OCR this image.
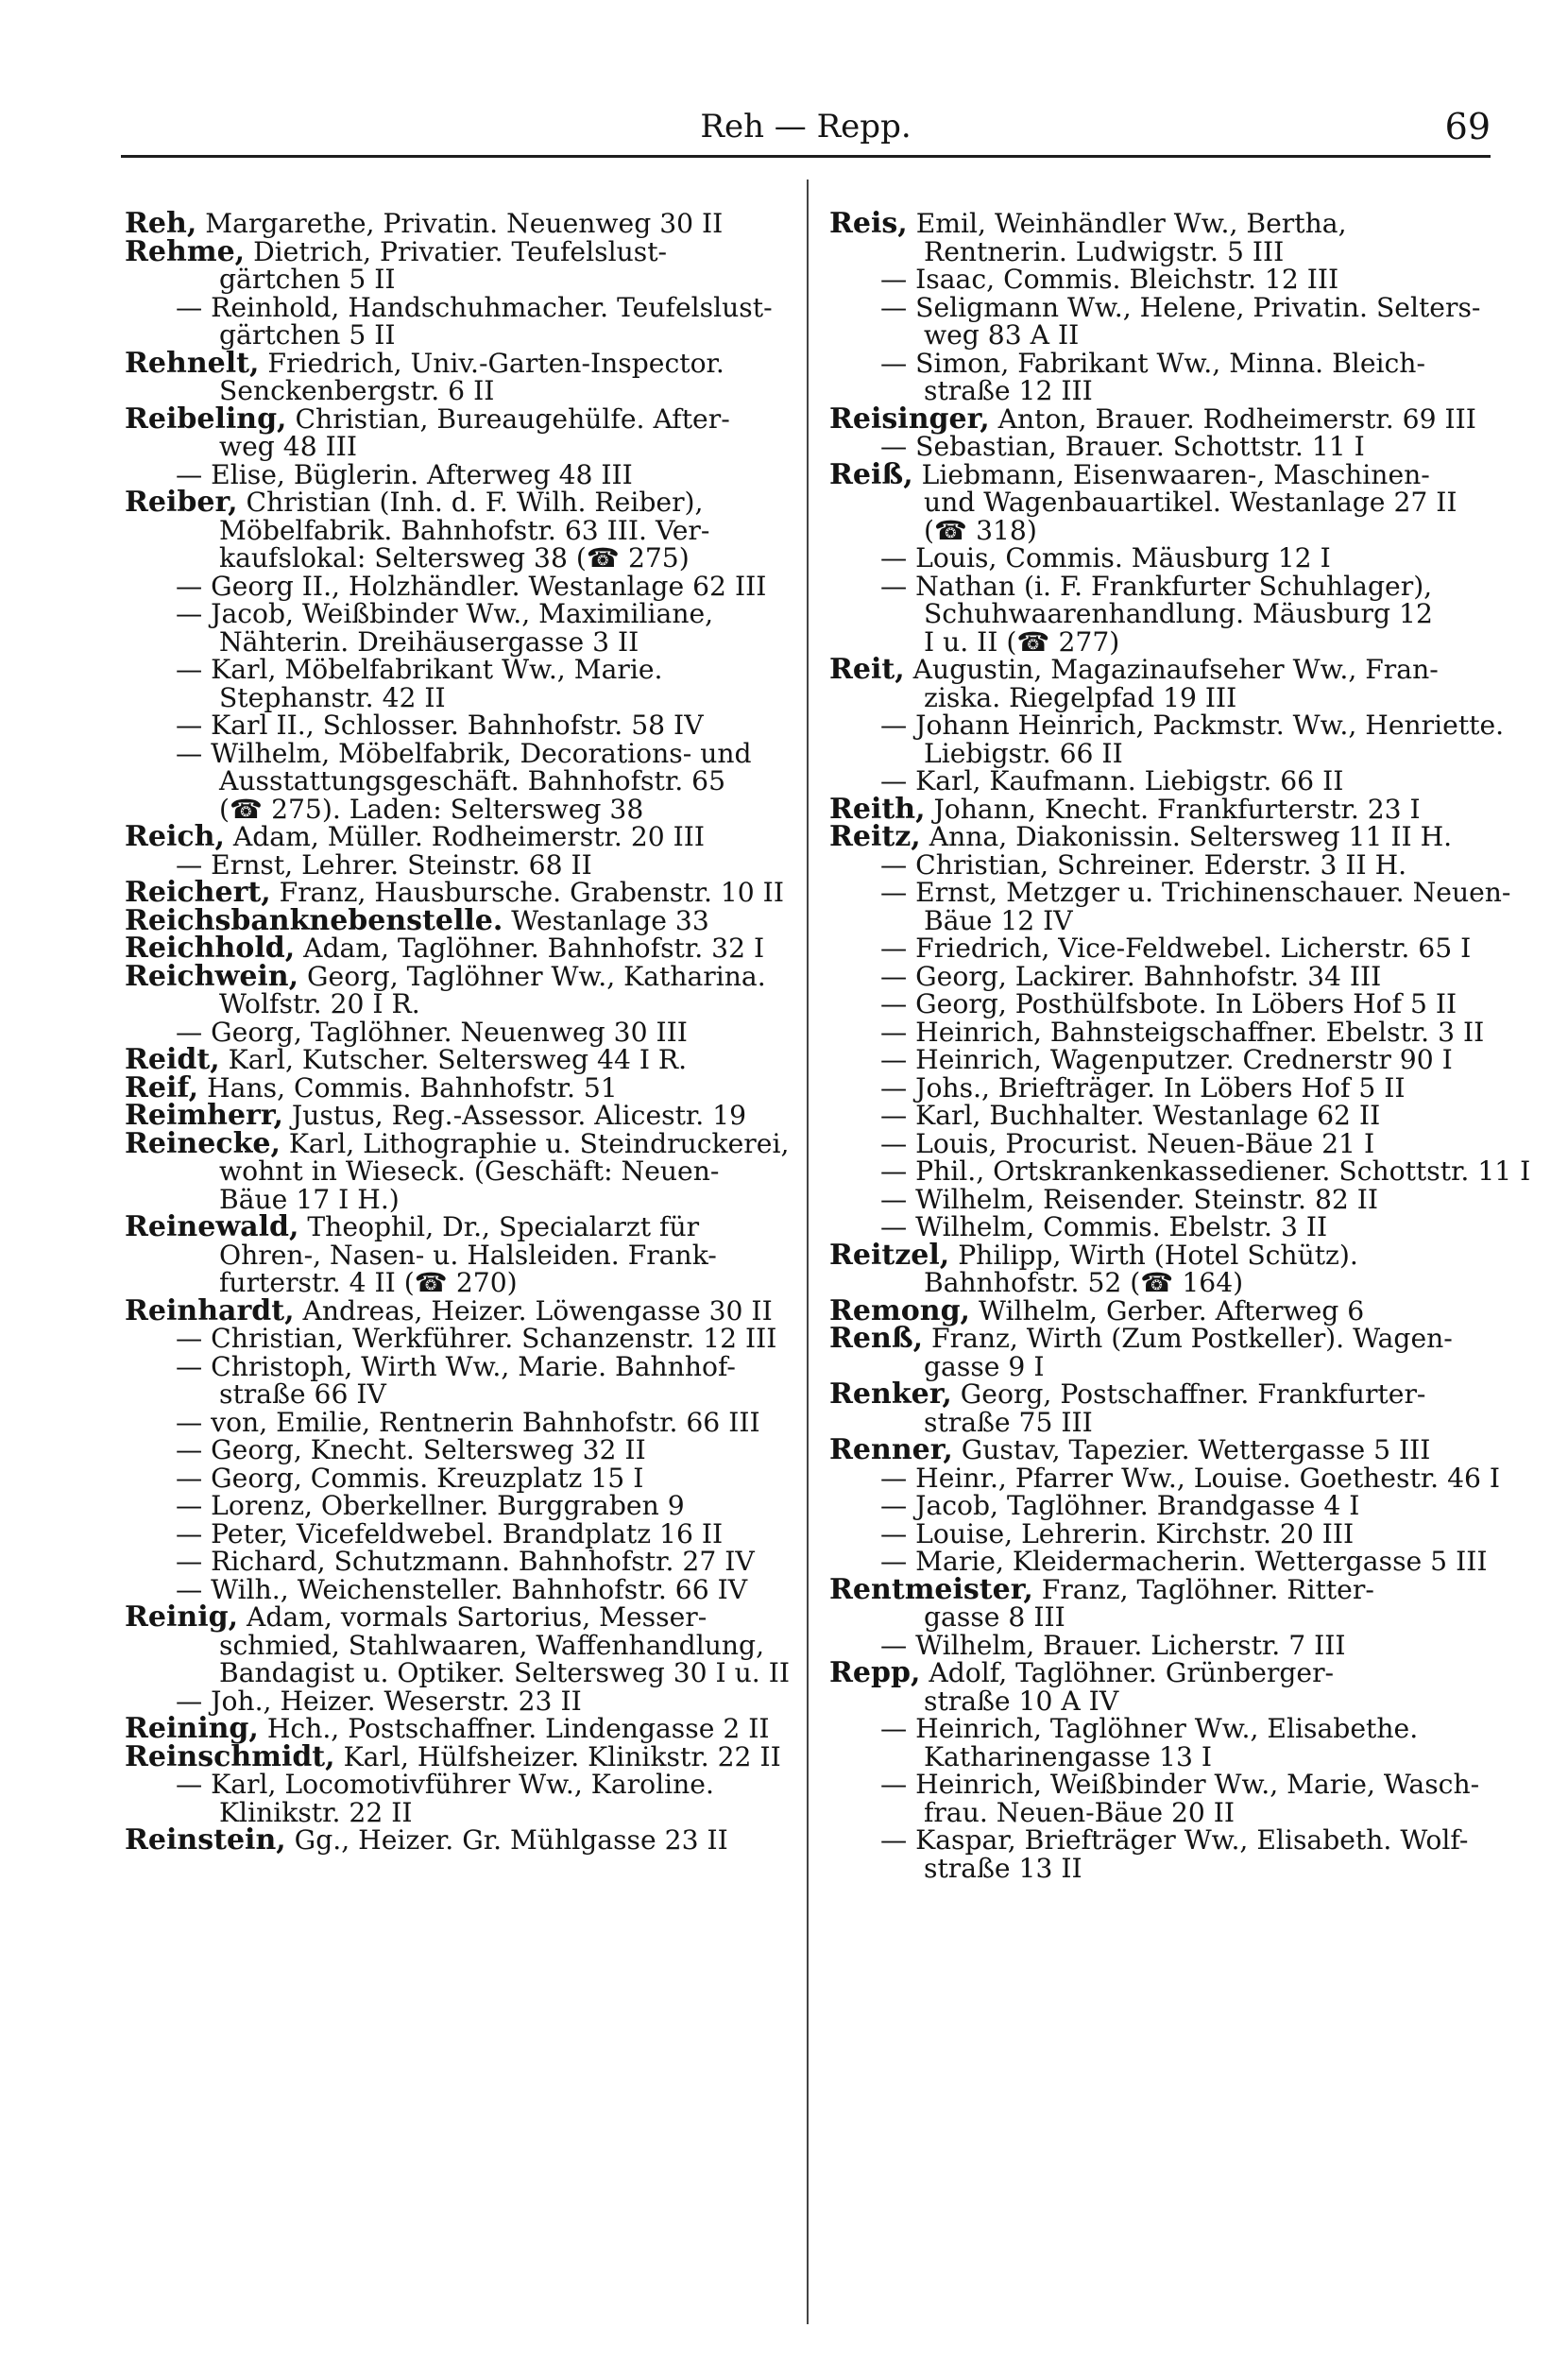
Reh — Repp.	69
Reh, Margarethe, Privatin. Neuenweg 30 II
Rehme, Dietrich, Privatier. Teufelslust-
gärtchen 5 II
— Reinhold, Handschuhmacher. Teufelslust-
gärtchen 5 II
Rehnelt, Friedrich, Univ.-Garten-Inspector.
Senckenbergstr. 6 II
Reibeling, Christian, Bureaugehülfe. After-
weg 48 III
— Elise, Büglerin. Afterweg 48 III
Reiber, Christian (Inh. d. F. Wilh. Reiber),
Möbelfabrik. Bahnhofstr. 63 III. Ver-
kaufslokal: Seltersweg 38 (☎ 275)
— Georg II., Holzhändler. Westanlage 62 III
— Jacob, Weißbinder Ww., Maximiliane,
Nähterin. Dreihäusergasse 3 II
— Karl, Möbelfabrikant Ww., Marie.
Stephanstr. 42 II
— Karl II., Schlosser. Bahnhofstr. 58 IV
— Wilhelm, Möbelfabrik, Decorations- und
Ausstattungsgeschäft. Bahnhofstr. 65
(☎ 275). Laden: Seltersweg 38
Reich, Adam, Müller. Rodheimerstr. 20 III
— Ernst, Lehrer. Steinstr. 68 II
Reichert, Franz, Hausbursche. Grabenstr. 10 II
Reichsbanknebenstelle. Westanlage 33
Reichhold, Adam, Taglöhner. Bahnhofstr. 32 I
Reichwein, Georg, Taglöhner Ww., Katharina.
Wolfstr. 20 I R.
— Georg, Taglöhner. Neuenweg 30 III
Reidt, Karl, Kutscher. Seltersweg 44 I R.
Reif, Hans, Commis. Bahnhofstr. 51
Reimherr, Justus, Reg.-Assessor. Alicestr. 19
Reinecke, Karl, Lithographie u. Steindruckerei,
wohnt in Wieseck. (Geschäft: Neuen-
Bäue 17 I H.)
Reinewald, Theophil, Dr., Specialarzt für
Ohren-, Nasen- u. Halsleiden. Frank-
furterstr. 4 II (☎ 270)
Reinhardt, Andreas, Heizer. Löwengasse 30 II
— Christian, Werkführer. Schanzenstr. 12 III
— Christoph, Wirth Ww., Marie. Bahnhof-
straße 66 IV
— von, Emilie, Rentnerin Bahnhofstr. 66 III
— Georg, Knecht. Seltersweg 32 II
— Georg, Commis. Kreuzplatz 15 I
— Lorenz, Oberkellner. Burggraben 9
— Peter, Vicefeldwebel. Brandplatz 16 II
— Richard, Schutzmann. Bahnhofstr. 27 IV
— Wilh., Weichensteller. Bahnhofstr. 66 IV
Reinig, Adam, vormals Sartorius, Messer-
schmied, Stahlwaaren, Waffenhandlung,
Bandagist u. Optiker. Seltersweg 30 I u. II
— Joh., Heizer. Weserstr. 23 II
Reining, Hch., Postschaffner. Lindengasse 2 II
Reinschmidt, Karl, Hülfsheizer. Klinikstr. 22 II
— Karl, Locomotivführer Ww., Karoline.
Klinikstr. 22 II
Reinstein, Gg., Heizer. Gr. Mühlgasse 23 II
Reis, Emil, Weinhändler Ww., Bertha,
Rentnerin. Ludwigstr. 5 III
— Isaac, Commis. Bleichstr. 12 III
— Seligmann Ww., Helene, Privatin. Selters-
weg 83 A II
— Simon, Fabrikant Ww., Minna. Bleich-
straße 12 III
Reisinger, Anton, Brauer. Rodheimerstr. 69 III
— Sebastian, Brauer. Schottstr. 11 I
Reiß, Liebmann, Eisenwaaren-, Maschinen-
und Wagenbauartikel. Westanlage 27 II
(☎ 318)
— Louis, Commis. Mäusburg 12 I
— Nathan (i. F. Frankfurter Schuhlager),
Schuhwaarenhandlung. Mäusburg 12
I u. II (☎ 277)
Reit, Augustin, Magazinaufseher Ww., Fran-
ziska. Riegelpfad 19 III
— Johann Heinrich, Packmstr. Ww., Henriette.
Liebigstr. 66 II
— Karl, Kaufmann. Liebigstr. 66 II
Reith, Johann, Knecht. Frankfurterstr. 23 I
Reitz, Anna, Diakonissin. Seltersweg 11 II H.
— Christian, Schreiner. Ederstr. 3 II H.
— Ernst, Metzger u. Trichinenschauer. Neuen-
Bäue 12 IV
— Friedrich, Vice-Feldwebel. Licherstr. 65 I
— Georg, Lackirer. Bahnhofstr. 34 III
— Georg, Posthülfsbote. In Löbers Hof 5 II
— Heinrich, Bahnsteigschaffner. Ebelstr. 3 II
— Heinrich, Wagenputzer. Crednerstr 90 I
— Johs., Briefträger. In Löbers Hof 5 II
— Karl, Buchhalter. Westanlage 62 II
— Louis, Procurist. Neuen-Bäue 21 I
— Phil., Ortskrankenkassediener. Schottstr. 11 I
— Wilhelm, Reisender. Steinstr. 82 II
— Wilhelm, Commis. Ebelstr. 3 II
Reitzel, Philipp, Wirth (Hotel Schütz).
Bahnhofstr. 52 (☎ 164)
Remong, Wilhelm, Gerber. Afterweg 6
Renß, Franz, Wirth (Zum Postkeller). Wagen-
gasse 9 I
Renker, Georg, Postschaffner. Frankfurter-
straße 75 III
Renner, Gustav, Tapezier. Wettergasse 5 III
— Heinr., Pfarrer Ww., Louise. Goethestr. 46 I
— Jacob, Taglöhner. Brandgasse 4 I
— Louise, Lehrerin. Kirchstr. 20 III
— Marie, Kleidermacherin. Wettergasse 5 III
Rentmeister, Franz, Taglöhner. Ritter-
gasse 8 III
— Wilhelm, Brauer. Licherstr. 7 III
Repp, Adolf, Taglöhner. Grünberger-
straße 10 A IV
— Heinrich, Taglöhner Ww., Elisabethe.
Katharinengasse 13 I
— Heinrich, Weißbinder Ww., Marie, Wasch-
frau. Neuen-Bäue 20 II
— Kaspar, Briefträger Ww., Elisabeth. Wolf-
straße 13 II
